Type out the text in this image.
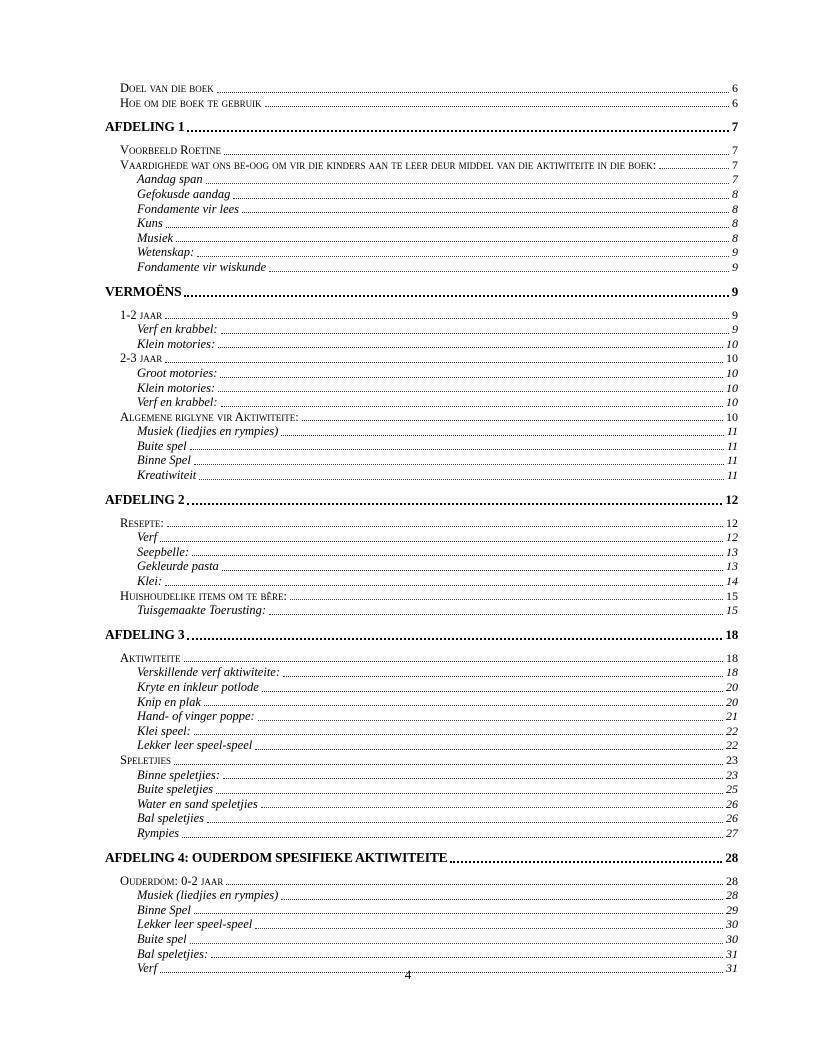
Doel van die boek	6
Hoe om die boek te gebruik	6
AFDELING 1	7
Voorbeeld Roetine	7
Vaardighede wat ons be-oog om vir die kinders aan te leer deur middel van die aktiwiteite in die boek:	7
Aandag span	7
Gefokusde aandag	8
Fondamente vir lees	8
Kuns	8
Musiek	8
Wetenskap:	9
Fondamente vir wiskunde	9
VERMOËNS	9
1-2 jaar	9
Verf en krabbel:	9
Klein motories:	10
2-3 jaar	10
Groot motories:	10
Klein motories:	10
Verf en krabbel:	10
Algemene riglyne vir Aktiwiteite:	10
Musiek (liedjies en rympies)	11
Buite spel	11
Binne Spel	11
Kreatiwiteit	11
AFDELING 2	12
Resepte:	12
Verf	12
Seepbelle:	13
Gekleurde pasta	13
Klei:	14
Huishoudelike items om te bêre:	15
Tuisgemaakte Toerusting:	15
AFDELING 3	18
Aktiwiteite	18
Verskillende verf aktiwiteite:	18
Kryte en inkleur potlode	20
Knip en plak	20
Hand- of vinger poppe:	21
Klei speel:	22
Lekker leer speel-speel	22
Speletjies	23
Binne speletjies:	23
Buite speletjies	25
Water en sand speletjies	26
Bal speletjies	26
Rympies	27
AFDELING 4: OUDERDOM SPESIFIEKE AKTIWITEITE	28
Ouderdom: 0-2 jaar	28
Musiek (liedjies en rympies)	28
Binne Spel	29
Lekker leer speel-speel	30
Buite spel	30
Bal speletjies:	31
Verf	31
4
